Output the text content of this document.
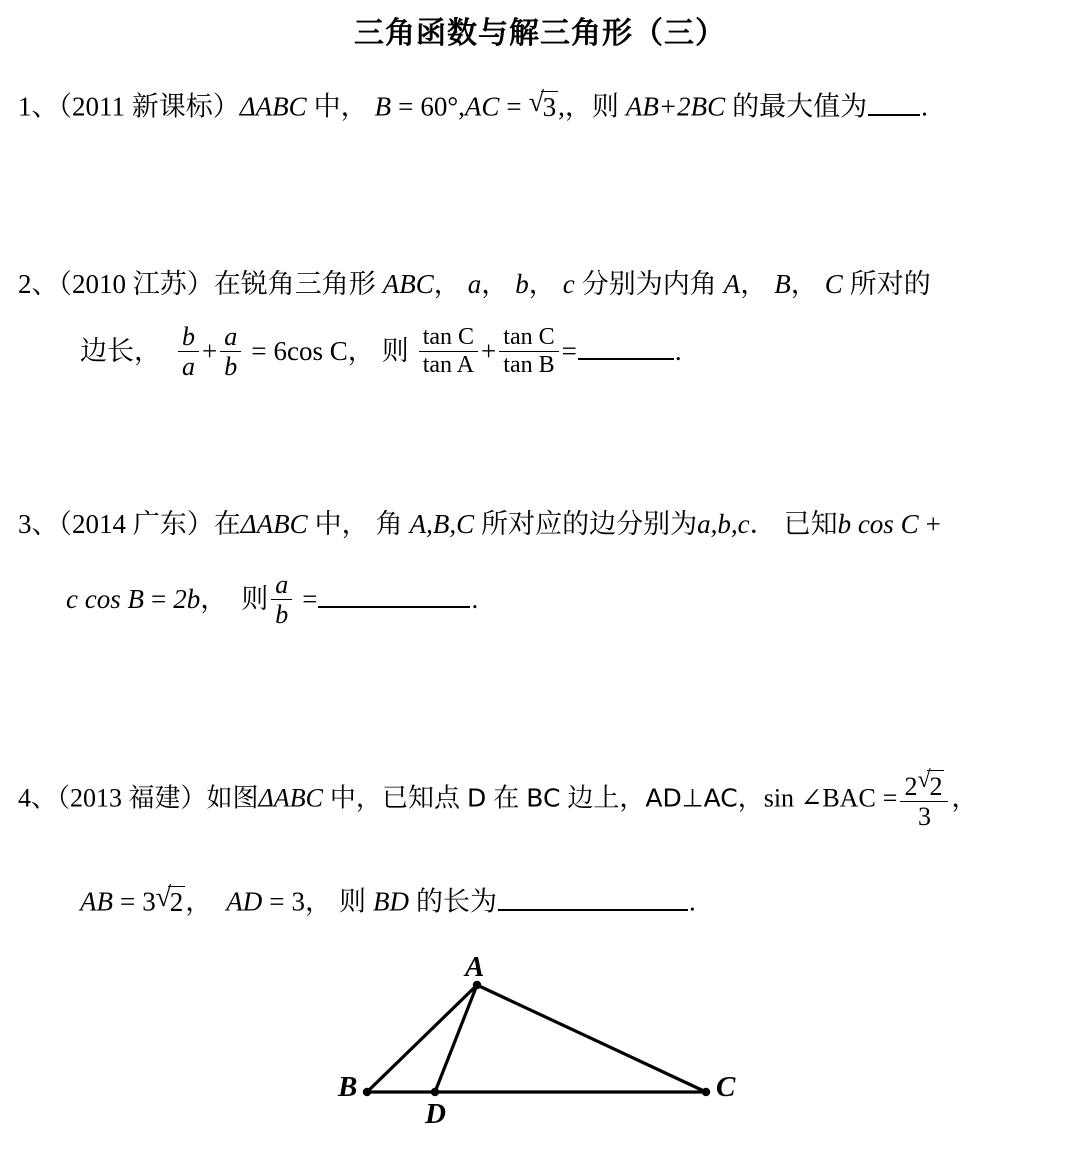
三角函数与解三角形（三）
1、（2011 新课标）ΔABC 中， B = 60°,AC = √
3,，则 AB+2BC 的最大值为 .
2、（2010 江苏）在锐角三角形 ABC， a， b， c 分别为内角 A， B， C 所对的
边长， $\frac{b}{a} + \frac{a}{b} = 6\cos$ C， 则 $\frac{\text{tan C}}{\text{tan A}} + \frac{\text{tan C}}{\text{tan B}}$ =	.
3、（2014 广东）在ΔABC 中， 角 A,B,C 所对应的边分别为a,b,c． 已知b cos C +
c cos B = 2b， 则 $\frac{a}{b}$ =	.
4、（2013 福建）如图ΔABC 中，已知点 D 在 BC 边上，AD⊥AC，sin ∠BAC = 2 √
2
3 ，
AB = 3 √
2， AD = 3， 则 BD 的长为	.
A
B	C
D
